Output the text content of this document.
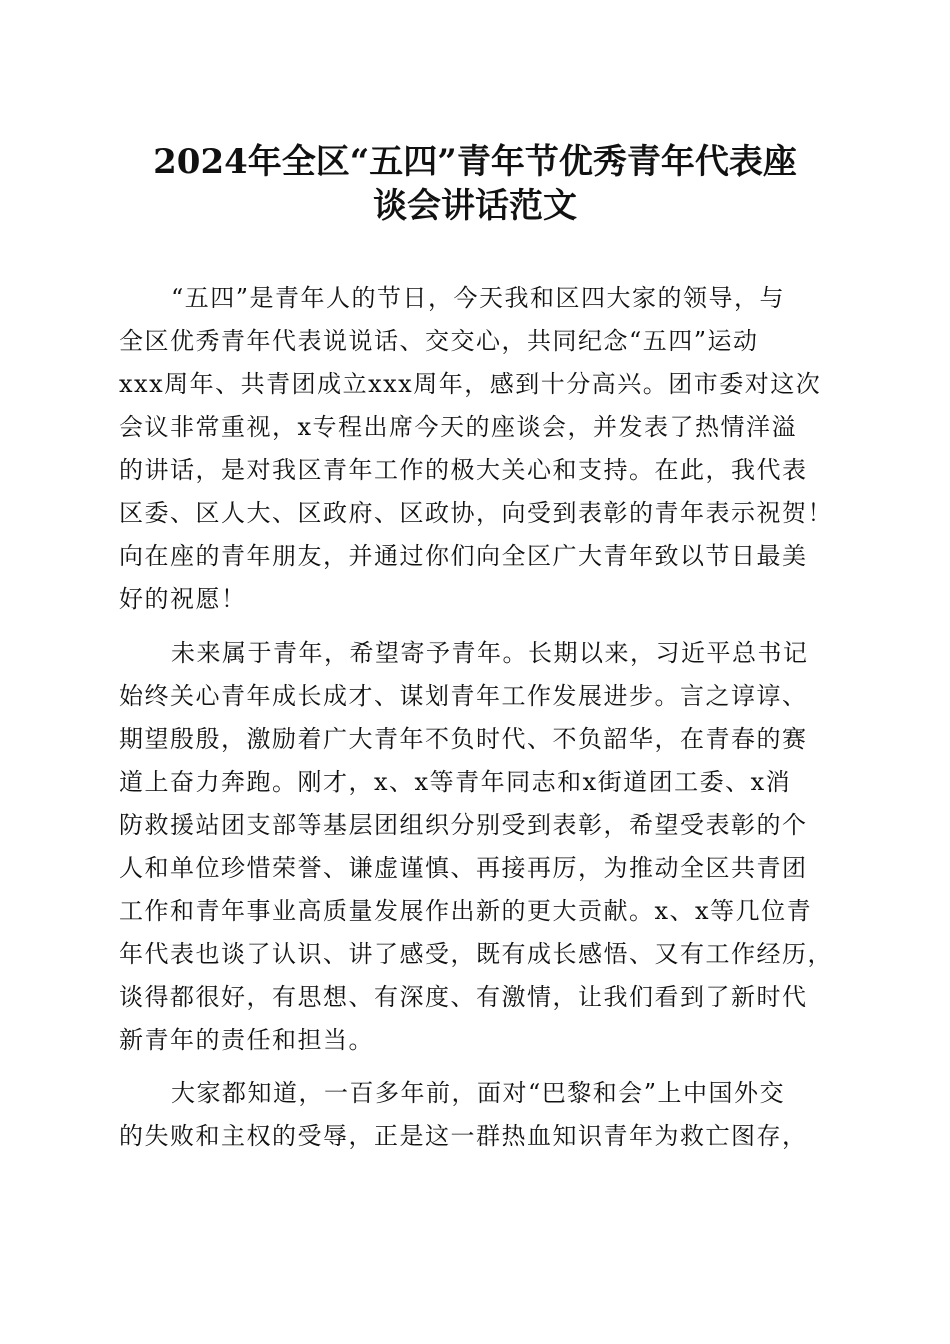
2024年全区“五四”青年节优秀青年代表座
谈会讲话范文

“五四”是青年人的节日，今天我和区四大家的领导，与

全区优秀青年代表说说话、交交心，共同纪念“五四”运动

xxx周年、共青团成立xxx周年，感到十分高兴。团市委对这次

会议非常重视，x专程出席今天的座谈会，并发表了热情洋溢

的讲话，是对我区青年工作的极大关心和支持。在此，我代表

区委、区人大、区政府、区政协，向受到表彰的青年表示祝贺！

向在座的青年朋友，并通过你们向全区广大青年致以节日最美

好的祝愿！

未来属于青年，希望寄予青年。长期以来，习近平总书记

始终关心青年成长成才、谋划青年工作发展进步。言之谆谆、

期望殷殷，激励着广大青年不负时代、不负韶华，在青春的赛

道上奋力奔跑。刚才，x、x等青年同志和x街道团工委、x消

防救援站团支部等基层团组织分别受到表彰，希望受表彰的个

人和单位珍惜荣誉、谦虚谨慎、再接再厉，为推动全区共青团

工作和青年事业高质量发展作出新的更大贡献。x、x等几位青

年代表也谈了认识、讲了感受，既有成长感悟、又有工作经历，

谈得都很好，有思想、有深度、有激情，让我们看到了新时代

新青年的责任和担当。

大家都知道，一百多年前，面对“巴黎和会”上中国外交

的失败和主权的受辱，正是这一群热血知识青年为救亡图存，
